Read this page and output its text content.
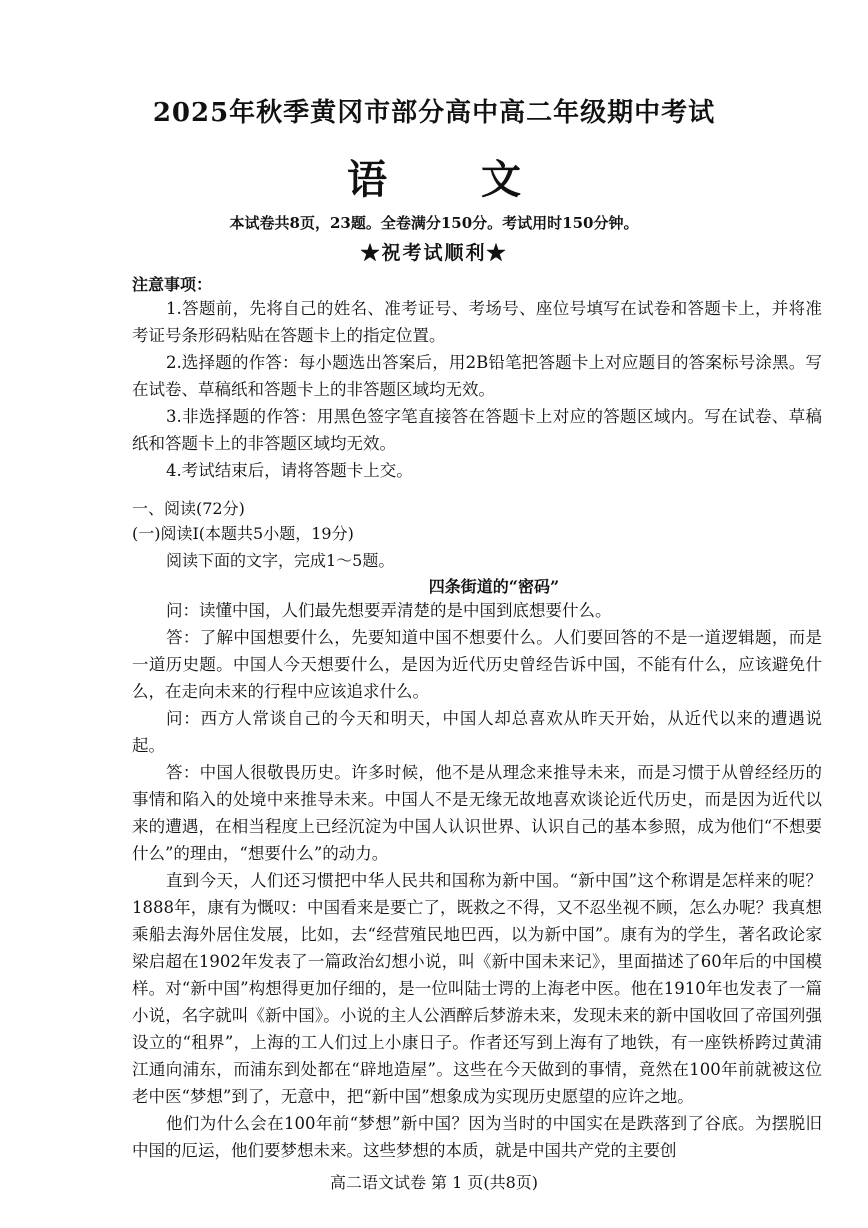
2025年秋季黄冈市部分高中高二年级期中考试
语 文
本试卷共8页，23题。全卷满分150分。考试用时150分钟。
★祝考试顺利★
注意事项：

1.答题前，先将自己的姓名、准考证号、考场号、座位号填写在试卷和答题卡上，并将准考证号条形码粘贴在答题卡上的指定位置。

2.选择题的作答：每小题选出答案后，用2B铅笔把答题卡上对应题目的答案标号涂黑。写在试卷、草稿纸和答题卡上的非答题区域均无效。

3.非选择题的作答：用黑色签字笔直接答在答题卡上对应的答题区域内。写在试卷、草稿纸和答题卡上的非答题区域均无效。

4.考试结束后，请将答题卡上交。

一、阅读(72分)
(一)阅读Ⅰ(本题共5小题，19分)
阅读下面的文字，完成1～5题。
四条街道的“密码”

问：读懂中国，人们最先想要弄清楚的是中国到底想要什么。

答：了解中国想要什么，先要知道中国不想要什么。人们要回答的不是一道逻辑题，而是一道历史题。中国人今天想要什么，是因为近代历史曾经告诉中国，不能有什么，应该避免什么，在走向未来的行程中应该追求什么。

问：西方人常谈自己的今天和明天，中国人却总喜欢从昨天开始，从近代以来的遭遇说起。

答：中国人很敬畏历史。许多时候，他不是从理念来推导未来，而是习惯于从曾经经历的事情和陷入的处境中来推导未来。中国人不是无缘无故地喜欢谈论近代历史，而是因为近代以来的遭遇，在相当程度上已经沉淀为中国人认识世界、认识自己的基本参照，成为他们“不想要什么”的理由，“想要什么”的动力。

直到今天，人们还习惯把中华人民共和国称为新中国。“新中国”这个称谓是怎样来的呢？1888年，康有为慨叹：中国看来是要亡了，既救之不得，又不忍坐视不顾，怎么办呢？我真想乘船去海外居住发展，比如，去“经营殖民地巴西，以为新中国”。康有为的学生，著名政论家梁启超在1902年发表了一篇政治幻想小说，叫《新中国未来记》，里面描述了60年后的中国模样。对“新中国”构想得更加仔细的，是一位叫陆士谔的上海老中医。他在1910年也发表了一篇小说，名字就叫《新中国》。小说的主人公酒醉后梦游未来，发现未来的新中国收回了帝国列强设立的“租界”，上海的工人们过上小康日子。作者还写到上海有了地铁，有一座铁桥跨过黄浦江通向浦东，而浦东到处都在“辟地造屋”。这些在今天做到的事情，竟然在100年前就被这位老中医“梦想”到了，无意中，把“新中国”想象成为实现历史愿望的应许之地。

他们为什么会在100年前“梦想”新中国？因为当时的中国实在是跌落到了谷底。为摆脱旧中国的厄运，他们要梦想未来。这些梦想的本质，就是中国共产党的主要创

高二语文试卷 第 1 页(共8页)
